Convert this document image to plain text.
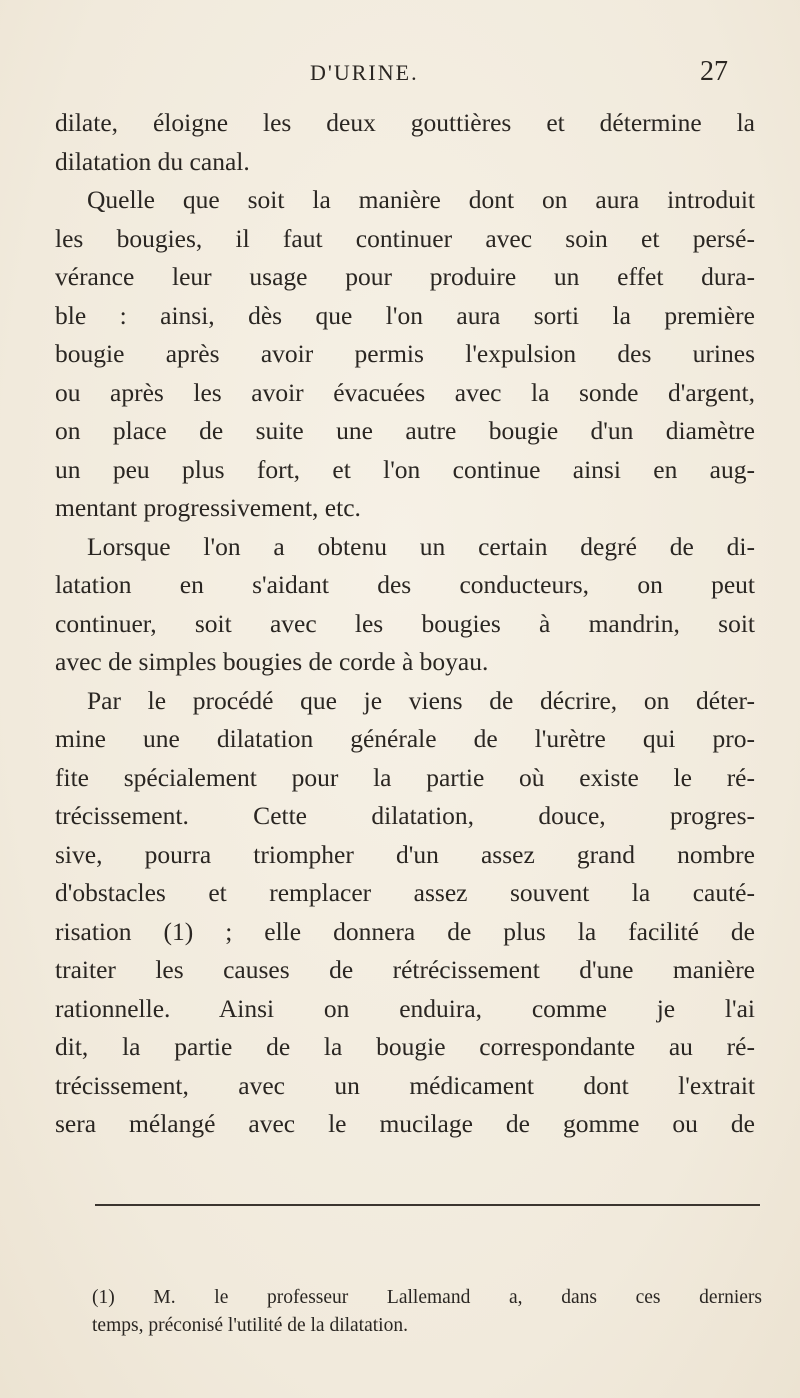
D'URINE.	27
dilate, éloigne les deux gouttières et détermine la
dilatation du canal.
Quelle que soit la manière dont on aura introduit
les bougies, il faut continuer avec soin et persé-
vérance leur usage pour produire un effet dura-
ble : ainsi, dès que l'on aura sorti la première
bougie après avoir permis l'expulsion des urines
ou après les avoir évacuées avec la sonde d'argent,
on place de suite une autre bougie d'un diamètre
un peu plus fort, et l'on continue ainsi en aug-
mentant progressivement, etc.
Lorsque l'on a obtenu un certain degré de di-
latation en s'aidant des conducteurs, on peut
continuer, soit avec les bougies à mandrin, soit
avec de simples bougies de corde à boyau.
Par le procédé que je viens de décrire, on déter-
mine une dilatation générale de l'urètre qui pro-
fite spécialement pour la partie où existe le ré-
trécissement. Cette dilatation, douce, progres-
sive, pourra triompher d'un assez grand nombre
d'obstacles et remplacer assez souvent la cauté-
risation (1) ; elle donnera de plus la facilité de
traiter les causes de rétrécissement d'une manière
rationnelle. Ainsi on enduira, comme je l'ai
dit, la partie de la bougie correspondante au ré-
trécissement, avec un médicament dont l'extrait
sera mélangé avec le mucilage de gomme ou de
(1) M. le professeur Lallemand a, dans ces derniers
temps, préconisé l'utilité de la dilatation.
